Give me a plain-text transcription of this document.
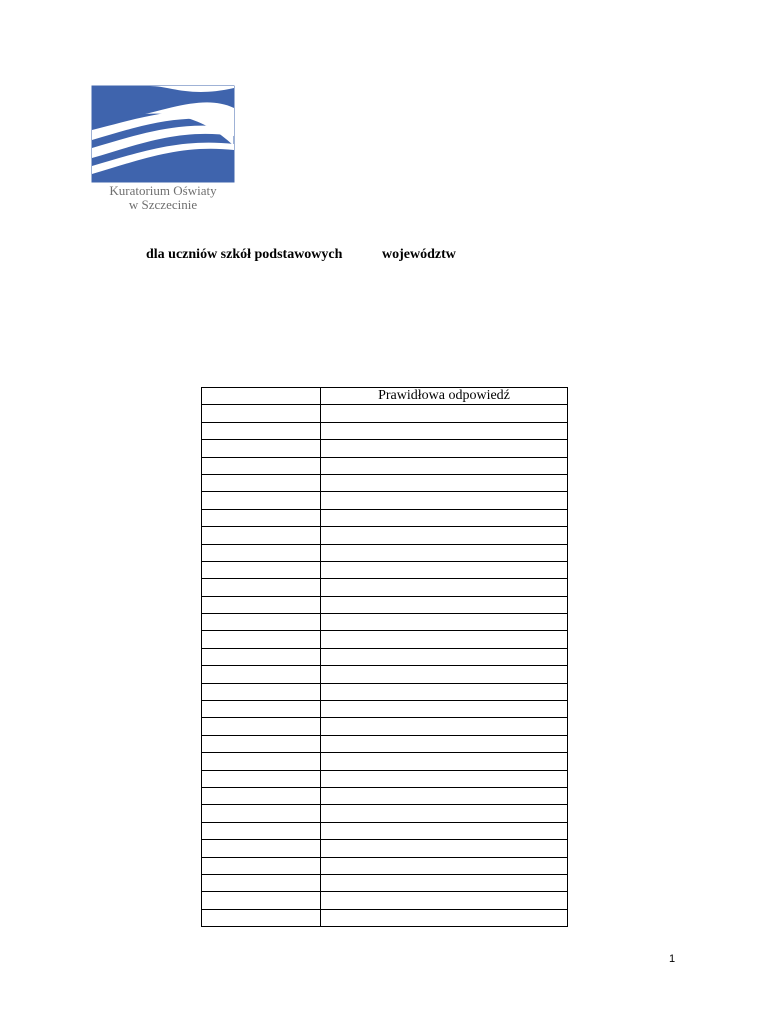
Kuratorium Oświaty
w Szczecinie
dla uczniów szkół podstawowych	województw
	Prawidłowa odpowiedź

1
